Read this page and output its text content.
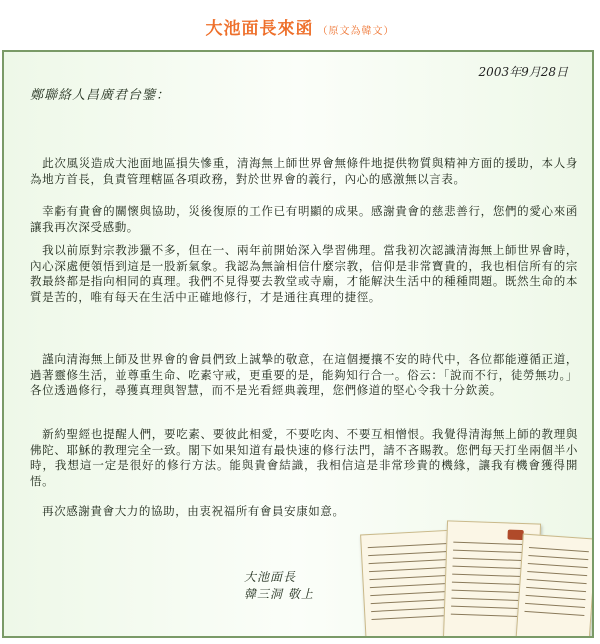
大池面長來函 （原文為韓文）
2003年9月28日
鄭聯絡人昌廣君台鑒：
　此次風災造成大池面地區損失慘重，清海無上師世界會無條件地提供物質與精神方面的援助，本人身為地方首長，負責管理轄區各項政務，對於世界會的義行，內心的感激無以言表。
　幸虧有貴會的關懷與協助，災後復原的工作已有明顯的成果。感謝貴會的慈悲善行，您們的愛心來函讓我再次深受感動。
　我以前原對宗教涉獵不多，但在一、兩年前開始深入學習佛理。當我初次認識清海無上師世界會時，內心深處便領悟到這是一股新氣象。我認為無論相信什麼宗教，信仰是非常寶貴的，我也相信所有的宗教最終都是指向相同的真理。我們不見得要去教堂或寺廟，才能解決生活中的種種問題。既然生命的本質是苦的，唯有每天在生活中正確地修行，才是通往真理的捷徑。
　謹向清海無上師及世界會的會員們致上誠摯的敬意，在這個擾攘不安的時代中，各位都能遵循正道，過著靈修生活，並尊重生命、吃素守戒，更重要的是，能夠知行合一。俗云：「說而不行，徒勞無功。」各位透過修行，尋獲真理與智慧，而不是光看經典義理，您們修道的堅心令我十分欽羨。
　新約聖經也提醒人們，要吃素、要彼此相愛，不要吃肉、不要互相憎恨。我覺得清海無上師的教理與佛陀、耶穌的教理完全一致。閣下如果知道有最快速的修行法門，請不吝賜教。您們每天打坐兩個半小時，我想這一定是很好的修行方法。能與貴會結識，我相信這是非常珍貴的機緣，讓我有機會獲得開悟。
　再次感謝貴會大力的協助，由衷祝福所有會員安康如意。
大池面長
韓三洞 敬上
